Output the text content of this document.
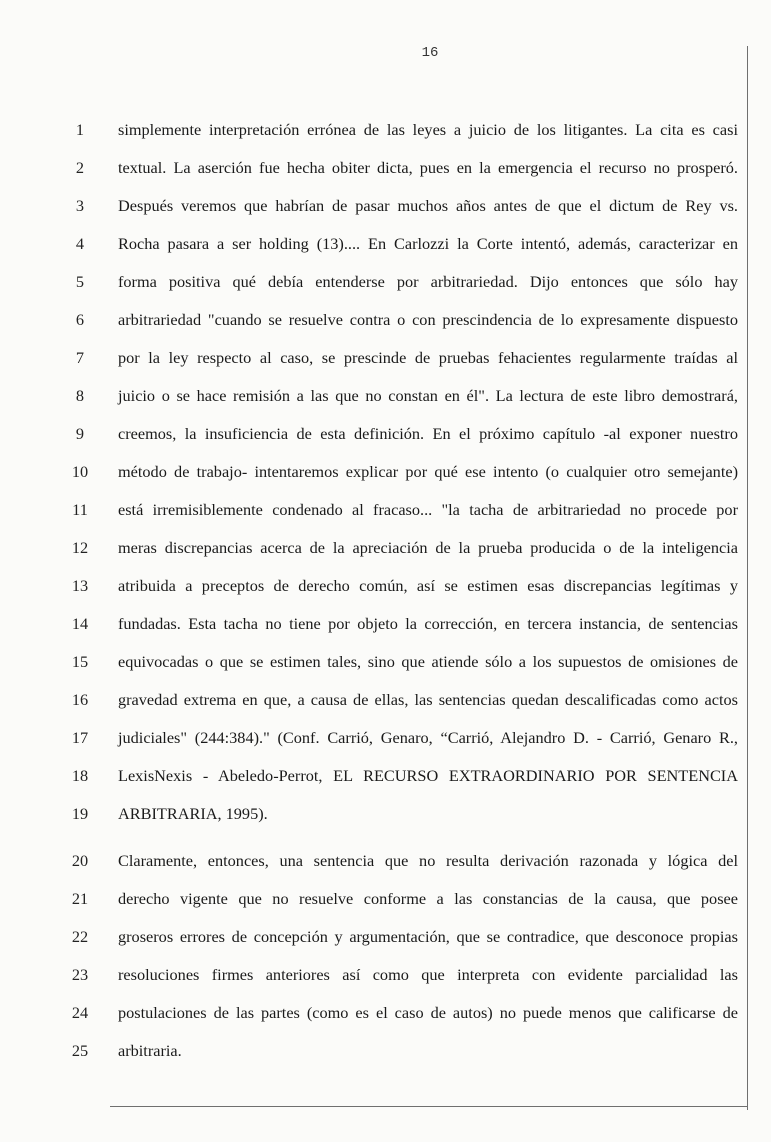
16
1
2
3
4
5
6
7
8
9
10
11
12
13
14
15
16
17
18
19
20
21
22
23
24
25
simplemente interpretación errónea de las leyes a juicio de los litigantes. La cita es casi
textual. La aserción fue hecha obiter dicta, pues en la emergencia el recurso no prosperó.
Después veremos que habrían de pasar muchos años antes de que el dictum de Rey vs.
Rocha pasara a ser holding (13).... En Carlozzi la Corte intentó, además, caracterizar en
forma positiva qué debía entenderse por arbitrariedad. Dijo entonces que sólo hay
arbitrariedad "cuando se resuelve contra o con prescindencia de lo expresamente dispuesto
por la ley respecto al caso, se prescinde de pruebas fehacientes regularmente traídas al
juicio o se hace remisión a las que no constan en él". La lectura de este libro demostrará,
creemos, la insuficiencia de esta definición. En el próximo capítulo -al exponer nuestro
método de trabajo- intentaremos explicar por qué ese intento (o cualquier otro semejante)
está irremisiblemente condenado al fracaso... "la tacha de arbitrariedad no procede por
meras discrepancias acerca de la apreciación de la prueba producida o de la inteligencia
atribuida a preceptos de derecho común, así se estimen esas discrepancias legítimas y
fundadas. Esta tacha no tiene por objeto la corrección, en tercera instancia, de sentencias
equivocadas o que se estimen tales, sino que atiende sólo a los supuestos de omisiones de
gravedad extrema en que, a causa de ellas, las sentencias quedan descalificadas como actos
judiciales" (244:384)." (Conf. Carrió, Genaro, “Carrió, Alejandro D. - Carrió, Genaro R.,
LexisNexis - Abeledo-Perrot, EL RECURSO EXTRAORDINARIO POR SENTENCIA
ARBITRARIA, 1995).
Claramente, entonces, una sentencia que no resulta derivación razonada y lógica del
derecho vigente que no resuelve conforme a las constancias de la causa, que posee
groseros errores de concepción y argumentación, que se contradice, que desconoce propias
resoluciones firmes anteriores así como que interpreta con evidente parcialidad las
postulaciones de las partes (como es el caso de autos) no puede menos que calificarse de
arbitraria.
